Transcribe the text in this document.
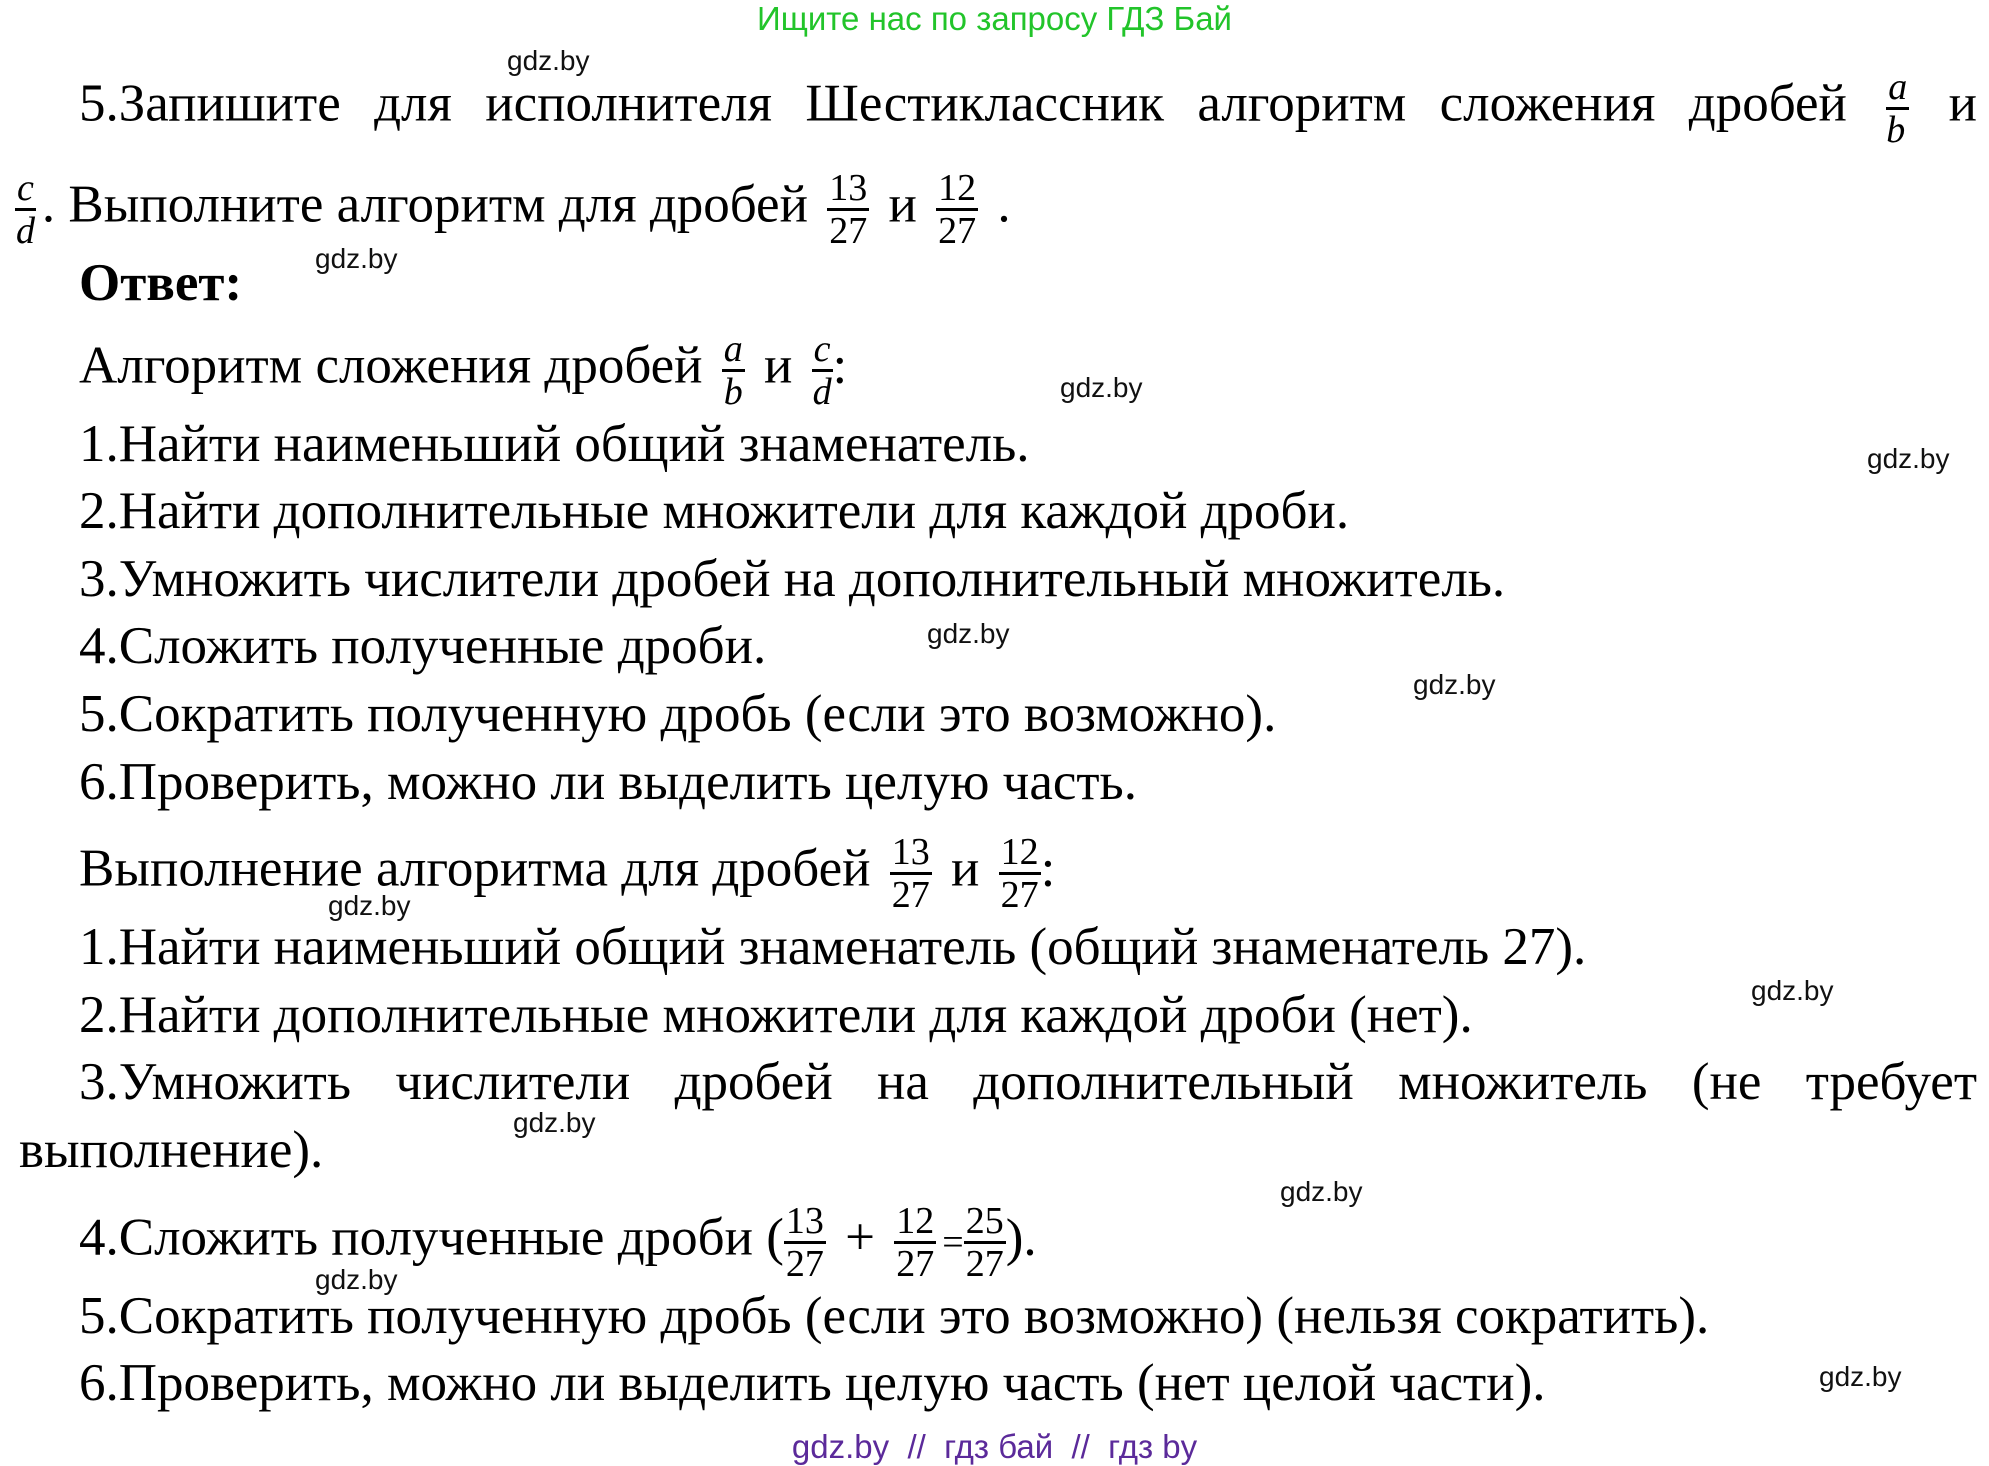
Ищите нас по запросу ГДЗ Бай
gdz.by
gdz.by
gdz.by
gdz.by
gdz.by
gdz.by
gdz.by
gdz.by
gdz.by
gdz.by
gdz.by
gdz.by
5.Запишите для исполнителя Шестиклассник алгоритм сложения дробей $\frac{a}{b}$ и
$\frac{c}{d}$ . Выполните алгоритм для дробей $\frac{13}{27}$ и $\frac{12}{27}$ .
Ответ:
Алгоритм сложения дробей $\frac{a}{b}$ и $\frac{c}{d}$ :
1.Найти наименьший общий знаменатель.
2.Найти дополнительные множители для каждой дроби.
3.Умножить числители дробей на дополнительный множитель.
4.Сложить полученные дроби.
5.Сократить полученную дробь (если это возможно).
6.Проверить, можно ли выделить целую часть.
Выполнение алгоритма для дробей $\frac{13}{27}$ и $\frac{12}{27}$ :
1.Найти наименьший общий знаменатель (общий знаменатель 27).
2.Найти дополнительные множители для каждой дроби (нет).
3.Умножить числители дробей на дополнительный множитель (не требует
выполнение).
4.Сложить полученные дроби ( $\frac{13}{27} + \frac{12}{27} = \frac{25}{27}$ ).
5.Сократить полученную дробь (если это возможно) (нельзя сократить).
6.Проверить, можно ли выделить целую часть (нет целой части).
gdz.by  //  гдз бай  //  гдз by
